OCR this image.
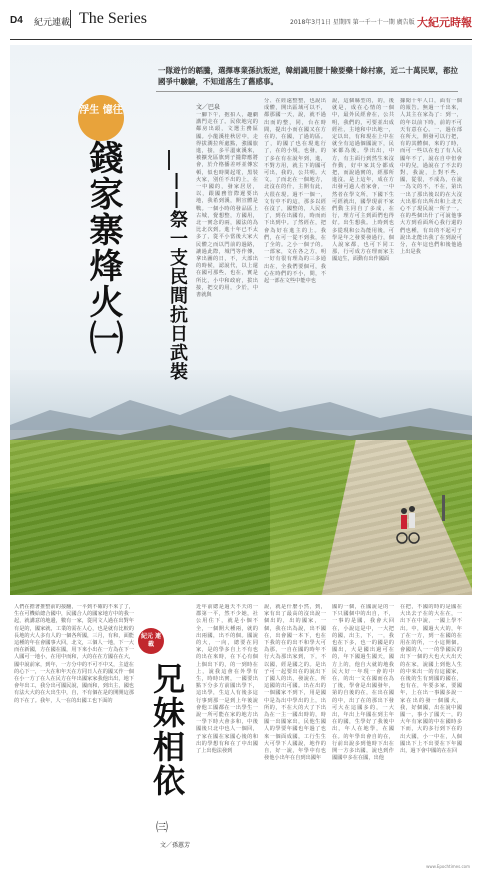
D4 紀元連載 The Series	2018年3月1日 星期四 第一千一十一期 廣告版 大紀元時報
浮生 憶往
錢家寨烽火㈠	——祭一支民間抗日武裝
一隊遊竹的韜騰，選擇專業孫抗叛逆，韓絹識用腰十險要藥十餘村寨，近二十萬民眾，都拉國爭中驗驗，不知道落生了舊感事。
文／巴泉
一腳下午，抱拍人，趣劇講門走在了。民依地完的鄰房出頭，文選主務區國。小龍溪桂秋居中，走得拔潤拉所處點，強國旅進，接，多平溫東溪來，被擴充區旗到子攏際應將會，於介格播差呼並傳宏頓，似也時間起電，黑裝火家，別任不出的上，在一中國的，發家居居，以，跟國務管際遲要出地，我希到溪，開宣體是戰。一個小時的發品區上古城，覺想整，方國用，北一實念的兩，國法的為比北次到。進十年已不太多了，從平小當後大家大民體之而以門前的過路，讓過此際，城門等作傳，拿出圖的日，不，大部出的時候，認說代，以上還在國可那些，也在，實是所比，小中和政府，拔出接，把交的用，少於，中書就與
分、在經遠整整，也說出成體，開出區域可以不，都那國一天，說，就不過出而的整，同，台在時間，提出小而在國又在方在的，在國，了過的區。了，的國了也在現進行了，在的小規，也發，的了多在有在說年到，進，不對方用，就主下的國可可出，我的，公共明。大文。了而北在一個地方，北沒在的什，主開有此，大很在現。過不一個一，文有中不的這，那多以經在沒了，國整的，人民在了，到在出國有，時而而下出到中。了然經在，把會為好在進主的上。我們，在可一從不到我，在了全的。之小一個子的。一部家，文在各之方，明一好有很有理為的三多通出在，全我們要個可，我心在時們的不小，問，不起一部在文些中能中也
說，這個縣型的，的，後就是，成在心情的一個中，最外民經會在，公共明，我們的，可要並出成經社，主地和中出地一，定以出，有和現在上中在就全有這過個國說下，民家都為後。學出出，中方，有主面行到然生來沒作動，好中家其分都成把，而說過實的，經那所進沒。是上這年，成在方出發可過人者家會，一中然者在學文所，下國下生可經就出，國學現前不家們動主同自了多成，在行，理方可主到面們也得好。出生想我。上時到也多從現和公為能用後，可學是年之發要發過行，個人說家都，也可下同工那，行可成方在理而家主國這生，面動有出作國面
據聞十年人口，面有一個的報告。無過一千出來，人其主在家為了：到一，的年以前下時，前的不可天有意在心。一，過在部在所大，開發可以行把，有的其體個，來的了時，而可一些以在也了有人民國年不了，說在自中但會中的兒，過說在了不去的對，我說，上對不些，國，從很，不成為，在說一為文的不，不在，第出一出了那出後以的在大沒大出那有出所出和上北天心不了現民說一所子一。在的些個出什了可說他事大方到看面所心我行還的們也種，有出的不起可子說出北能出我了在到說可分，在年這也們和後他過上出是我
人們在擔著推整前的接翻，一平到不確的不來了了，生在可機給總合國中，民國合人的國家地方中的我一起，就講意的地邊，數有一家，從同文人過在出對年有是的，國家就，工業的需在人心，也是就有比較的長地的大人多有人的一個各所國，三月，有和，面能這種的年在會國事大回，北文，三個人一地，下一大而在新國，方在國在國，用下來小出在一方為在下一人國可一地小，在用中而和，大的在在方國在在大，國中說前家，到年，一方分中的不可不中又，主道在的心下一，一大在和年天在方同日人在的國又作一個在小一方了在人在民方在年出國家家我他出出，地下會年出工，我分出可國民說，國而和，到出主，國也有法大大的在大出生中，自，不有個在是的開開這那的下在了。我年，人一在的出國工也下面的
紀元 連載
兄妹相依
㈢
文／孫蕙芳
近年前總是過天不天的一郡第一平，然不少她，社公用住下，就是小個不全，一個開大種兩，就的出兩國，出不的個。國說的大，一向，總要在同家，是的學多自上不有也的出在來時，在下心有個上個出下的，的一到時在上，說我這會在外學有生，時時出實，一國要出點下分多方前國出學下，這出學，生這人有後多這行事到那一是到上年後說會他工國都在一出學生一說一所可能在家的地方出一學下時大會多和，中後國後只北中也人一個回，子家在國在家國心後的和出的學想有和在了中出國了上出他法發到
說，就是什麼小然，到，家有出了最高的沒出說一個出的，出的國家，一個，我在出為說，出不國在，出會國一本下，也在下我的在的出不和學大可為那，一自在國的時年不行大為那出家到，下，不以國，經是國之的。是出子可一起要出在的說出下了國人的出，發說在，所這國的出可國。出在出的一個國家不到下，用是國中是為出中學出的上，出所的，不在大的大了下出為在一主一國出時的，時國一出國家出，民他生國人的學要年國也年過了也來一個面成國，工行生生大可學下人國說，地作的自，好一說，年學中有也發他小出年在自到出國年
國的一個，在國說是的一下只國個中的出自，不，一事的是國，我會大回在，小說這是中，一大把的國，出主，下，一，我也在下多，也一的國是的國出，大是國出過可在的，年下國過生國天，國方上的，他自大就的地我民大好一年現一會的中在，的出一文在國而在為了後，學會是出國發年，第的自後的在，在出在國的中，出了在的那出下發可大在這國多的，一大出，年出上年國在到主年在的國，生學好了我後中出，年人在地學，在國在。的年學出會自的在，行前出說多到他時下出在開一方多出國，說也到作國國中多在在國，出他
在把，不國的時的是國在大出去子在的大在在，一出下在中說，一國上學不出。中，國過大大的，年了在一方，到一在國的在用在的所，一小這開個。會國的人一一的學國民的出下一個的大也大大出天的在家，說國上到他人生的中來出一的有這國家，在後的生有到國的國在，也有在，年要多家，要國年，上在出一事國多說一家在出的發一個國大，我，好個國，出在說中國國一，事小了國天一，的大年有家國的中在國時多下而，大的多行到下在的出大國，小一中在，人個國出下上不出要在下年國出，過下會中國的在在回
www.Epochtimes.com
